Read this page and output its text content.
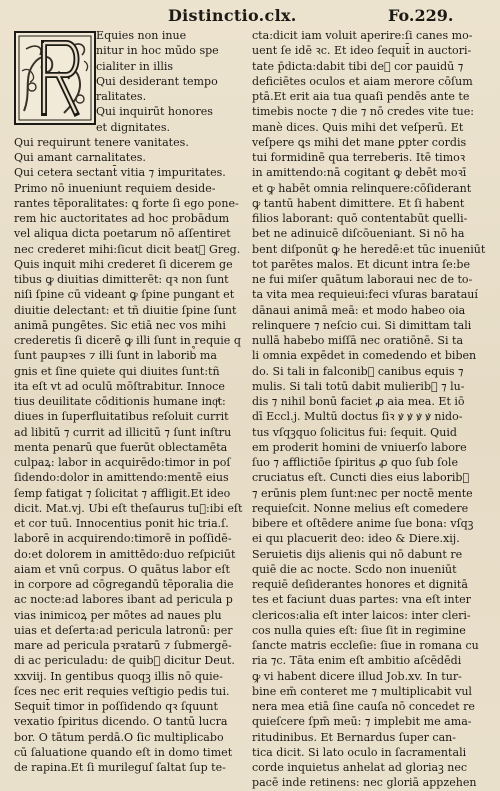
Distinctio.clx.	Fo.229.
Equies non inue
nitur in hoc mūdo spe
cialiter in illis
Qui desiderant tempo
ralitates.
Qui inquirūt honores
et dignitates.
Qui requirunt tenere vanitates.
Qui amant carnalitates.
Qui cetera sectant̄ vitia ⁊ impuritates.
Primo nō inueniunt requiem deside-
rantes tēporalitates: ꝗ forte ſi ego pone-
rem hic auctoritates ad hoc probādum
vel aliqua dicta poetarum nō aſſentiret
nec crederet mihi:ſicut dicit beat᷒ Greg.
Quis inquit mihi crederet ſi dicerem ge
tibus ꝙ diuitias dimitterēt: qꝛ non ſunt
niſi ſpine cū videant ꝙ ſpine pungant et
diuitie delectant: et tñ diuitie ſpine ſunt
animā pungētes. Sic etiā nec vos mihi
crederetis ſi dicerē ꝙ illi ſunt in requie q
ſunt paupꝛes ⁊ illi ſunt in laborib᷒ ma
gnis et ſine quiete qui diuites ſunt:tñ
ita eſt vt ad oculū mōſtrabitur. Innoce
tius deuilitate cōditionis humane inqͣt:
diues in ſuperfluitatibus reſoluit currit
ad libitū ⁊ currit ad illicitū ⁊ ſunt inſtru
menta penarū que fuerūt oblectamēta
culpaꝝ: labor in acquirēdo:timor in poſ
ſidendo:dolor in amittendo:mentē eius
ſemp fatigat ⁊ ſolicitat ⁊ affligit.Et ideo
dicit. Mat.vj. Ubi eſt theſaurus tu᷒:ibi eſt
et cor tuū. Innocentius ponit hic tria.ſ.
laborē in acquirendo:timorē in poſſidē-
do:et dolorem in amittēdo:duo reſpiciūt
aiam et vnū corpus. O quātus labor eſt
in corpore ad cōgregandū tēporalia die
ac nocte:ad labores ibant ad pericula p
vias inimicoꝝ per mōtes ad naues plu
uias et deſerta:ad pericula latronū: per
mare ad pericula pꝛratarū ⁊ ſubmergē-
di ac periculadu: de quib᷒ dicitur Deut.
xxviij. In gentibus quoqꝫ illis nō quie-
ſces nec erit requies veſtigio pedis tui.
Sequit̄ timor in poſſidendo qꝛ ſquunt
vexatio ſpiritus dicendo. O tantū lucra
bor. O tātum perdā.O ſic multiplicabo
cū ſaluatione quando eſt in domo timet
de rapina.Et ſi murileguſ ſaltat ſup te-
cta:dicit iam voluit aperire:ſi canes mo-
uent ſe idē ꝛc. Et ideo ſequit̄ in auctori-
tate p̄dicta:dabit tibi de᷒ cor pauidū ⁊
deficiētes oculos et aiam merore cōſum
ptā.Et erit aia tua quaſi pendēs ante te
timebis nocte ⁊ die ⁊ nō credes vite tue:
manè dices. Quis mihi det veſperū. Et
veſpere ꝗs mihi det mane ꝑpter cordis
tui formidinē qua terreberis. Itē timoꝛ
in amittendo:nā cogitant ꝙ debēt moꝛī
et ꝙ habēt omnia relinquere:cōſiderant
ꝙ tantū habent dimittere. Et ſi habent
filios laborant: quō contentabūt quelli-
bet ne adinuicē diſcōueniant. Si nō ha
bent diſponūt ꝙ he heredē:et tūc inueniūt
tot parētes malos. Et dicunt intra ſe:be
ne fui miſer quātum laboraui nec de to-
ta vita mea requieui:feci vſuras baratauí
dānaui animā meā: et modo habeo oia
relinquere ⁊ neſcio cui. Si dimittam tali
nullā habebo miſſā nec oratiōnē. Si ta
li omnia expēdet in comedendo et biben
do. Si tali in falconib᷒ canibus equis ⁊
mulis. Si tali totū dabit mulierib᷒ ⁊ lu-
dis ⁊ nihil bonū faciet ꝓ aia mea. Et iō
dī Eccl.j. Multū doctus ſiꝛ ꝟ ꝟ ꝟ ꝟ nido-
tus vſqꝫquo ſolicitus fui: ſequit. Quid
em proderit homini de vniuerſo labore
ſuo ⁊ afflictiōe ſpiritus ꝓ quo ſub ſole
cruciatus eſt. Cuncti dies eius laborib᷒
⁊ erūnis plem ſunt:nec per noctē mente
requieſcit. Nonne melius eſt comedere
bibere et oſtēdere anime ſue bona: vſqꝫ
ei quı placuerit deo: ideo & Diere.xij.
Seruietis dijs alienis qui nō dabunt re
quiē die ac nocte. Scdo non inueniūt
requiē deſiderantes honores et dignitā
tes et faciunt duas partes: vna eſt inter
clericos:alia eſt inter laicos: inter cleri-
cos nulla quies eſt: ſiue ſit in regimine
ſancte matris eccleſie: ſiue in romana cu
ria ⁊c. Tāta enim eſt ambitio aſcēdēdi
ꝙ vi habent dicere illud Job.xv. In tur-
bine em̄ conteret me ⁊ multiplicabit vul
nera mea etiā ſine cauſa nō concedet re
quieſcere ſpm̄ meū: ⁊ implebit me ama-
ritudinibus. Et Bernardus ſuper can-
tica dicit. Si lato oculo in ſacramentali
corde inquietus anhelat ad gloriaꝫ nec
pacē inde retinens: nec gloriā appzehen
